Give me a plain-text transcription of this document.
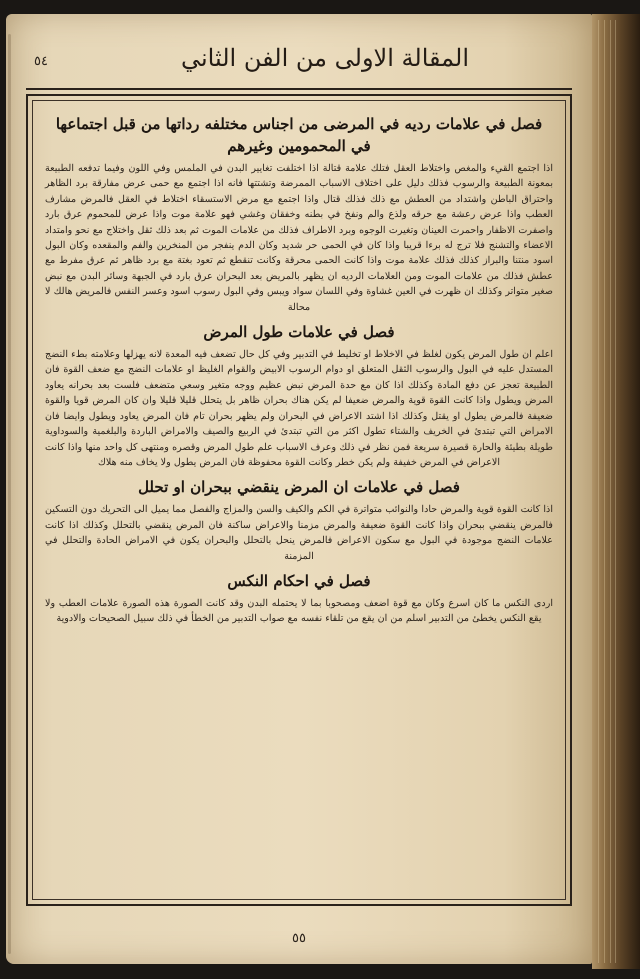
٥٤	المقالة الاولى من الفن الثاني
فصل في علامات رديه في المرضى من اجناس مختلفه رداتها من قبل اجتماعها في المحمومين وغيرهم

اذا اجتمع القيء والمغص واختلاط العقل فتلك علامة قتالة اذا اختلفت تغايير البدن في الملمس وفي اللون وفيما تدفعه الطبيعة بمعونة الطبيعة والرسوب فذلك دليل على اختلاف الاسباب الممرضة وتشتتها فانه اذا اجتمع مع حمى عرض مفارقة برد الظاهر واحتراق الباطن واشتداد من العطش مع ذلك فذلك قتال واذا اجتمع مع مرض الاستسقاء اختلاط في العقل فالمرض مشارف العطب واذا عرض رعشة مع حرقه ولذع والم ونفخ في بطنه وخفقان وغشي فهو علامة موت واذا عرض للمحموم عرق بارد واصفرت الاظفار واحمرت العينان وتغيرت الوجوه وبرد الاطراف فذلك من علامات الموت ثم بعد ذلك ثقل واختلاج مع نحو وامتداد الاعضاء والتشنج فلا ترج له برءا قريبا واذا كان في الحمى حر شديد وكان الدم ينفجر من المنخرين والفم والمقعده وكان البول اسود منتنا والبراز كذلك فذلك علامة موت واذا كانت الحمى محرقة وكانت تنقطع ثم تعود بغتة مع برد ظاهر ثم عرق مفرط مع عطش فذلك من علامات الموت ومن العلامات الرديه ان يظهر بالمريض بعد البحران عرق بارد في الجبهة وسائر البدن مع نبض صغير متواتر وكذلك ان ظهرت في العين غشاوة وفي اللسان سواد ويبس وفي البول رسوب اسود وعسر النفس فالمريض هالك لا محالة

فصل في علامات طول المرض

اعلم ان طول المرض يكون لغلظ في الاخلاط او تخليط في التدبير وفي كل حال تضعف فيه المعدة لانه يهزلها وعلامته بطء النضج المستدل عليه في البول والرسوب الثقل المتعلق او دوام الرسوب الابيض والقوام الغليظ او علامات النضج مع ضعف القوة فان الطبيعة تعجز عن دفع المادة وكذلك اذا كان مع حدة المرض نبض عظيم ووجه متغير وسعي متضعف فلست بعد بحرانه يعاود المرض ويطول واذا كانت القوة قوية والمرض ضعيفا لم يكن هناك بحران ظاهر بل يتحلل قليلا قليلا وان كان المرض قويا والقوة ضعيفة فالمرض يطول او يقتل وكذلك اذا اشتد الاعراض في البحران ولم يظهر بحران تام فان المرض يعاود ويطول وايضا فان الامراض التي تبتدئ في الخريف والشتاء تطول اكثر من التي تبتدئ في الربيع والصيف والامراض الباردة والبلغمية والسوداوية طويلة بطيئة والحارة قصيرة سريعة فمن نظر في ذلك وعرف الاسباب علم طول المرض وقصره ومنتهى كل واحد منها واذا كانت الاعراض في المرض خفيفة ولم يكن خطر وكانت القوة محفوظة فان المرض يطول ولا يخاف منه هلاك

فصل في علامات ان المرض ينقضي ببحران او تحلل

اذا كانت القوة قوية والمرض حادا والنوائب متواترة في الكم والكيف والسن والمزاج والفصل مما يميل الى التحريك دون التسكين فالمرض ينقضي ببحران واذا كانت القوة ضعيفة والمرض مزمنا والاعراض ساكنة فان المرض ينقضي بالتحلل وكذلك اذا كانت علامات النضج موجودة في البول مع سكون الاعراض فالمرض ينحل بالتحلل والبحران يكون في الامراض الحادة والتحلل في المزمنة

فصل في احكام النكس

اردى النكس ما كان اسرع وكان مع قوة اضعف ومصحوبا بما لا يحتمله البدن وقد كانت الصورة هذه الصورة علامات العطب ولا يقع النكس يخطئ من التدبير اسلم من ان يقع من تلقاء نفسه مع صواب التدبير من الخطأ في ذلك سبيل الصحيحات والادوية

٥٥
